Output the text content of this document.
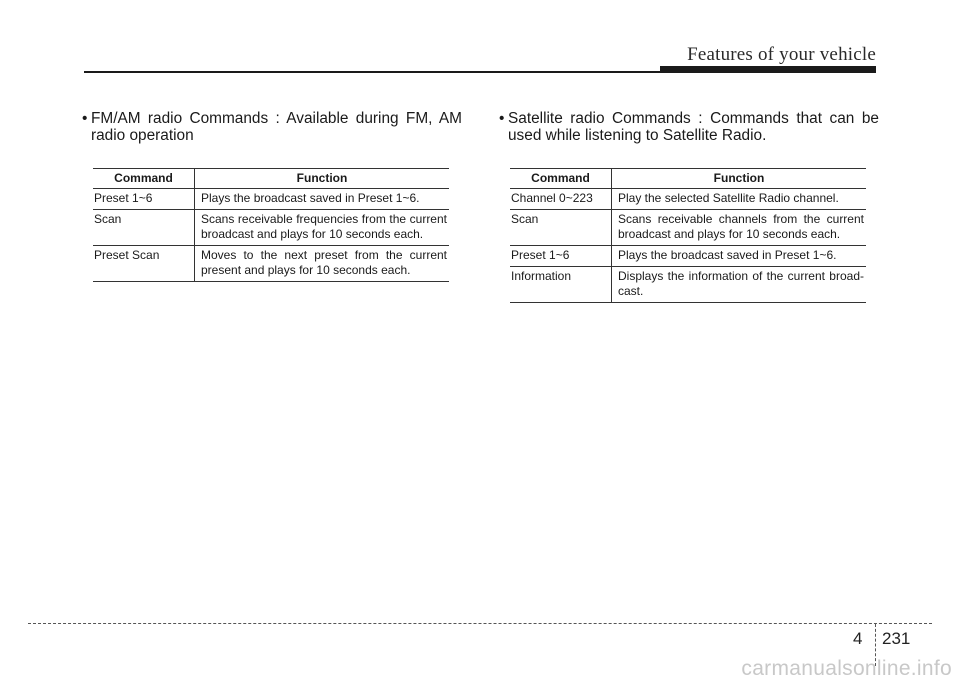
Features of your vehicle

• FM/AM radio Commands : Available during FM, AM radio operation

Command	Function
Preset 1~6	Plays the broadcast saved in Preset 1~6.
Scan	Scans receivable frequencies from the current broadcast and plays for 10 seconds each.
Preset Scan	Moves to the next preset from the current present and plays for 10 seconds each.

• Satellite radio Commands : Commands that can be used while listening to Satellite Radio.

Command	Function
Channel 0~223	Play the selected Satellite Radio channel.
Scan	Scans receivable channels from the current broadcast and plays for 10 seconds each.
Preset 1~6	Plays the broadcast saved in Preset 1~6.
Information	Displays the information of the current broad-cast.
4 231
carmanualsonline.info
